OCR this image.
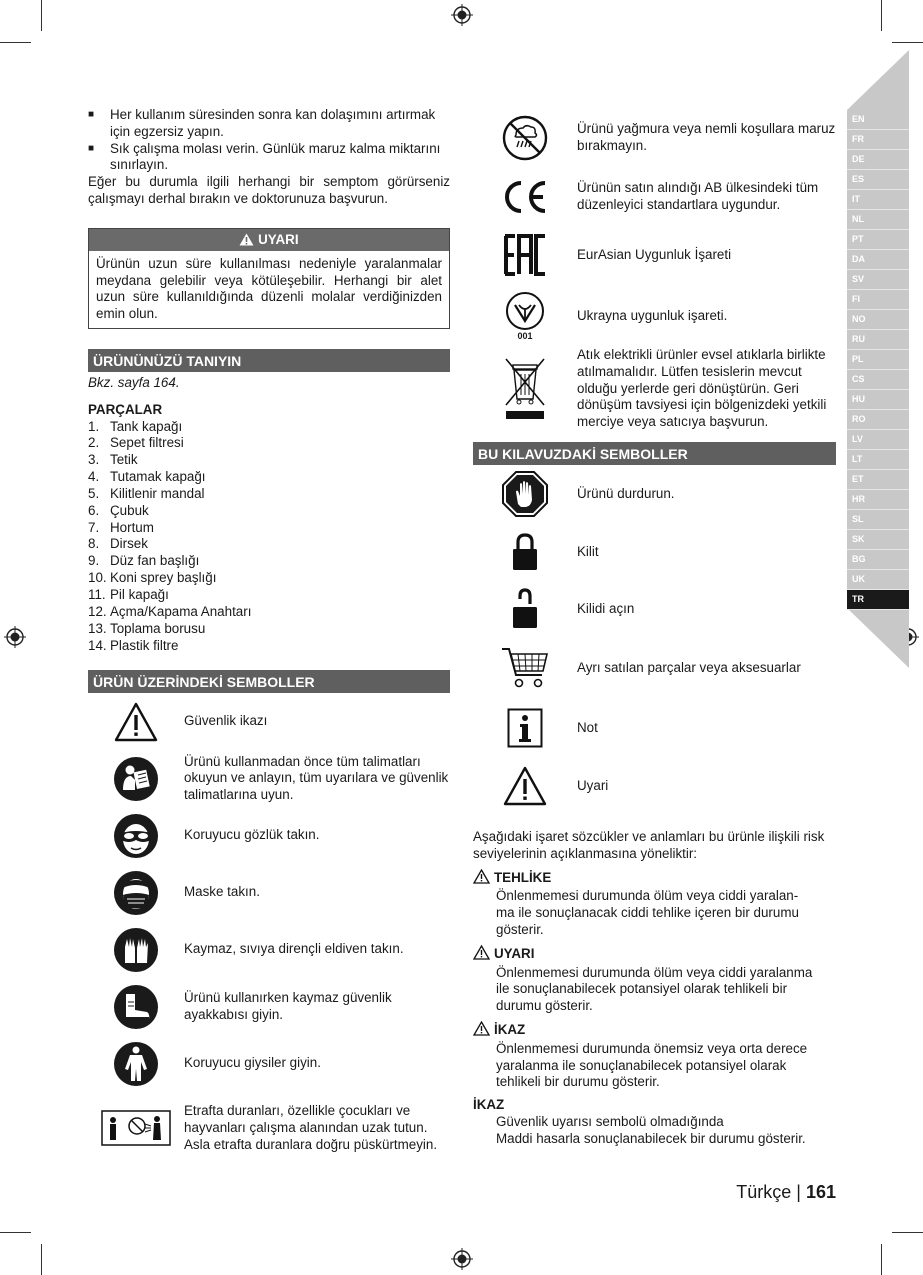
EN
FR
DE
ES
IT
NL
PT
DA
SV
FI
NO
RU
PL
CS
HU
RO
LV
LT
ET
HR
SL
SK
BG
UK
TR
■ Her kullanım süresinden sonra kan dolaşımını artırmak için egzersiz yapın.
■ Sık çalışma molası verin. Günlük maruz kalma miktarını sınırlayın.

Eğer bu durumla ilgili herhangi bir semptom görürseniz çalışmayı derhal bırakın ve doktorunuza başvurun.

UYARI
Ürünün uzun süre kullanılması nedeniyle yaralanmalar meydana gelebilir veya kötüleşebilir. Herhangi bir alet uzun süre kullanıldığında düzenli molalar verdiğinizden emin olun.
ÜRÜNÜNÜZÜ TANIYIN

Bkz. sayfa 164.

PARÇALAR

1. Tank kapağı
2. Sepet filtresi
3. Tetik
4. Tutamak kapağı
5. Kilitlenir mandal
6. Çubuk
7. Hortum
8. Dirsek
9. Düz fan başlığı
10. Koni sprey başlığı
11. Pil kapağı
12. Açma/Kapama Anahtarı
13. Toplama borusu
14. Plastik filtre
ÜRÜN ÜZERİNDEKİ SEMBOLLER
Güvenlik ikazı
Ürünü kullanmadan önce tüm talimatları okuyun ve anlayın, tüm uyarılara ve güvenlik talimatlarına uyun.
Koruyucu gözlük takın.
Maske takın.
Kaymaz, sıvıya dirençli eldiven takın.
Ürünü kullanırken kaymaz güvenlik ayakkabısı giyin.
Koruyucu giysiler giyin.
Etrafta duranları, özellikle çocukları ve hayvanları çalışma alanından uzak tutun. Asla etrafta duranlara doğru püskürtmeyin.
Ürünü yağmura veya nemli koşullara maruz bırakmayın.
Ürünün satın alındığı AB ülkesindeki tüm düzenleyici standartlara uygundur.
EurAsian Uygunluk İşareti
001
Ukrayna uygunluk işareti.
Atık elektrikli ürünler evsel atıklarla birlikte atılmamalıdır. Lütfen tesislerin mevcut olduğu yerlerde geri dönüştürün. Geri dönüşüm tavsiyesi için bölgenizdeki yetkili merciye veya satıcıya başvurun.
BU KILAVUZDAKİ SEMBOLLER
Ürünü durdurun.
Kilit
Kilidi açın
Ayrı satılan parçalar veya aksesuarlar
Not
Uyari

Aşağıdaki işaret sözcükler ve anlamları bu ürünle ilişkili risk seviyelerinin açıklanmasına yöneliktir:

TEHLİKE
Önlenmemesi durumunda ölüm veya ciddi yaralan-
ma ile sonuçlanacak ciddi tehlike içeren bir durumu
gösterir.
UYARI
Önlenmemesi durumunda ölüm veya ciddi yaralanma
ile sonuçlanabilecek potansiyel olarak tehlikeli bir
durumu gösterir.
İKAZ
Önlenmemesi durumunda önemsiz veya orta derece
yaralanma ile sonuçlanabilecek potansiyel olarak
tehlikeli bir durumu gösterir.
İKAZ
Güvenlik uyarısı sembolü olmadığında
Maddi hasarla sonuçlanabilecek bir durumu gösterir.
Türkçe | 161
